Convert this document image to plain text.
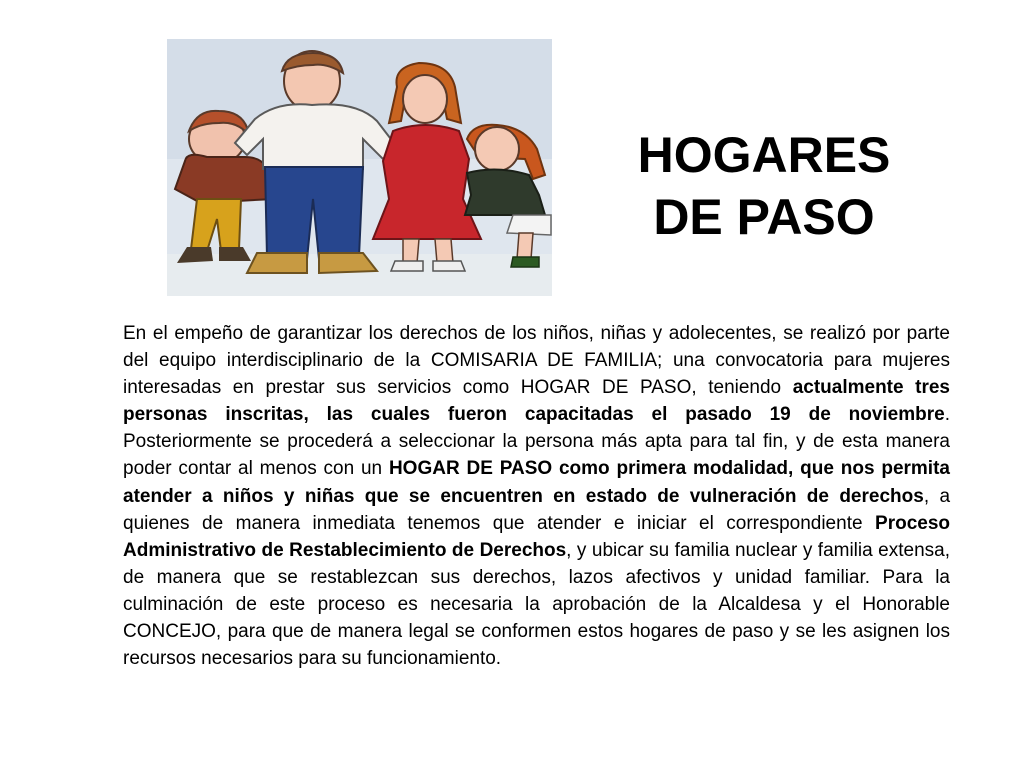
HOGARES
DE PASO

En el empeño de garantizar los derechos de los niños, niñas y adolecentes, se realizó por parte del equipo interdisciplinario de la COMISARIA DE FAMILIA; una convocatoria para mujeres interesadas en prestar sus servicios como HOGAR DE PASO, teniendo actualmente tres personas inscritas, las cuales fueron capacitadas el pasado 19 de noviembre. Posteriormente se procederá a seleccionar la persona más apta para tal fin, y de esta manera poder contar al menos con un HOGAR DE PASO como primera modalidad, que nos permita atender a niños y niñas que se encuentren en estado de vulneración de derechos, a quienes de manera inmediata tenemos que atender e iniciar el correspondiente Proceso Administrativo de Restablecimiento de Derechos, y ubicar su familia nuclear y familia extensa, de manera que se restablezcan sus derechos, lazos afectivos y unidad familiar. Para la culminación de este proceso es necesaria la aprobación de la Alcaldesa y el Honorable CONCEJO, para que de manera legal se conformen estos hogares de paso y se les asignen los recursos necesarios para su funcionamiento.
